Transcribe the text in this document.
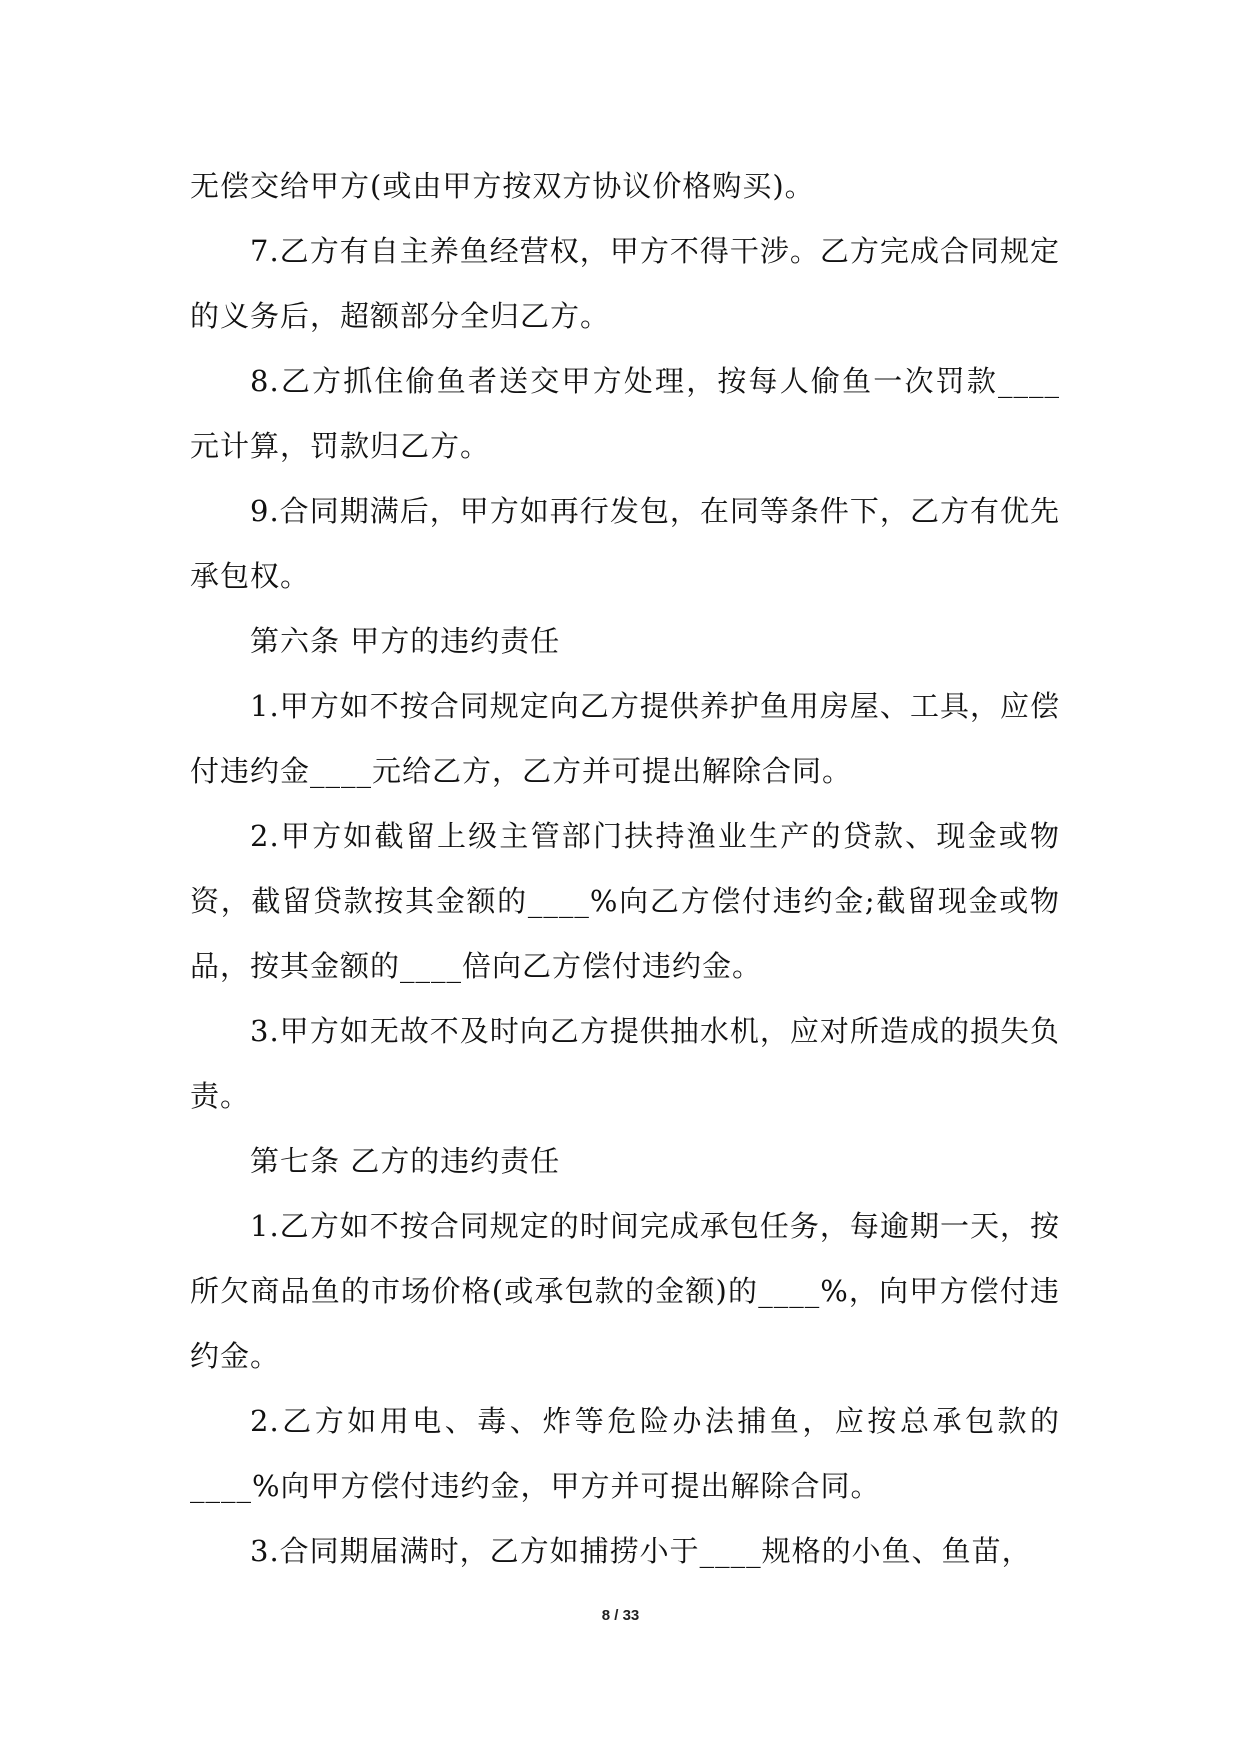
无偿交给甲方(或由甲方按双方协议价格购买)。

7.乙方有自主养鱼经营权，甲方不得干涉。乙方完成合同规定的义务后，超额部分全归乙方。

8.乙方抓住偷鱼者送交甲方处理，按每人偷鱼一次罚款____元计算，罚款归乙方。

9.合同期满后，甲方如再行发包，在同等条件下，乙方有优先承包权。

第六条 甲方的违约责任

1.甲方如不按合同规定向乙方提供养护鱼用房屋、工具，应偿付违约金____元给乙方，乙方并可提出解除合同。

2.甲方如截留上级主管部门扶持渔业生产的贷款、现金或物资，截留贷款按其金额的____%向乙方偿付违约金;截留现金或物品，按其金额的____倍向乙方偿付违约金。

3.甲方如无故不及时向乙方提供抽水机，应对所造成的损失负责。

第七条 乙方的违约责任

1.乙方如不按合同规定的时间完成承包任务，每逾期一天，按所欠商品鱼的市场价格(或承包款的金额)的____%，向甲方偿付违约金。

2.乙方如用电、毒、炸等危险办法捕鱼，应按总承包款的____%向甲方偿付违约金，甲方并可提出解除合同。

3.合同期届满时，乙方如捕捞小于____规格的小鱼、鱼苗，

8 / 33
